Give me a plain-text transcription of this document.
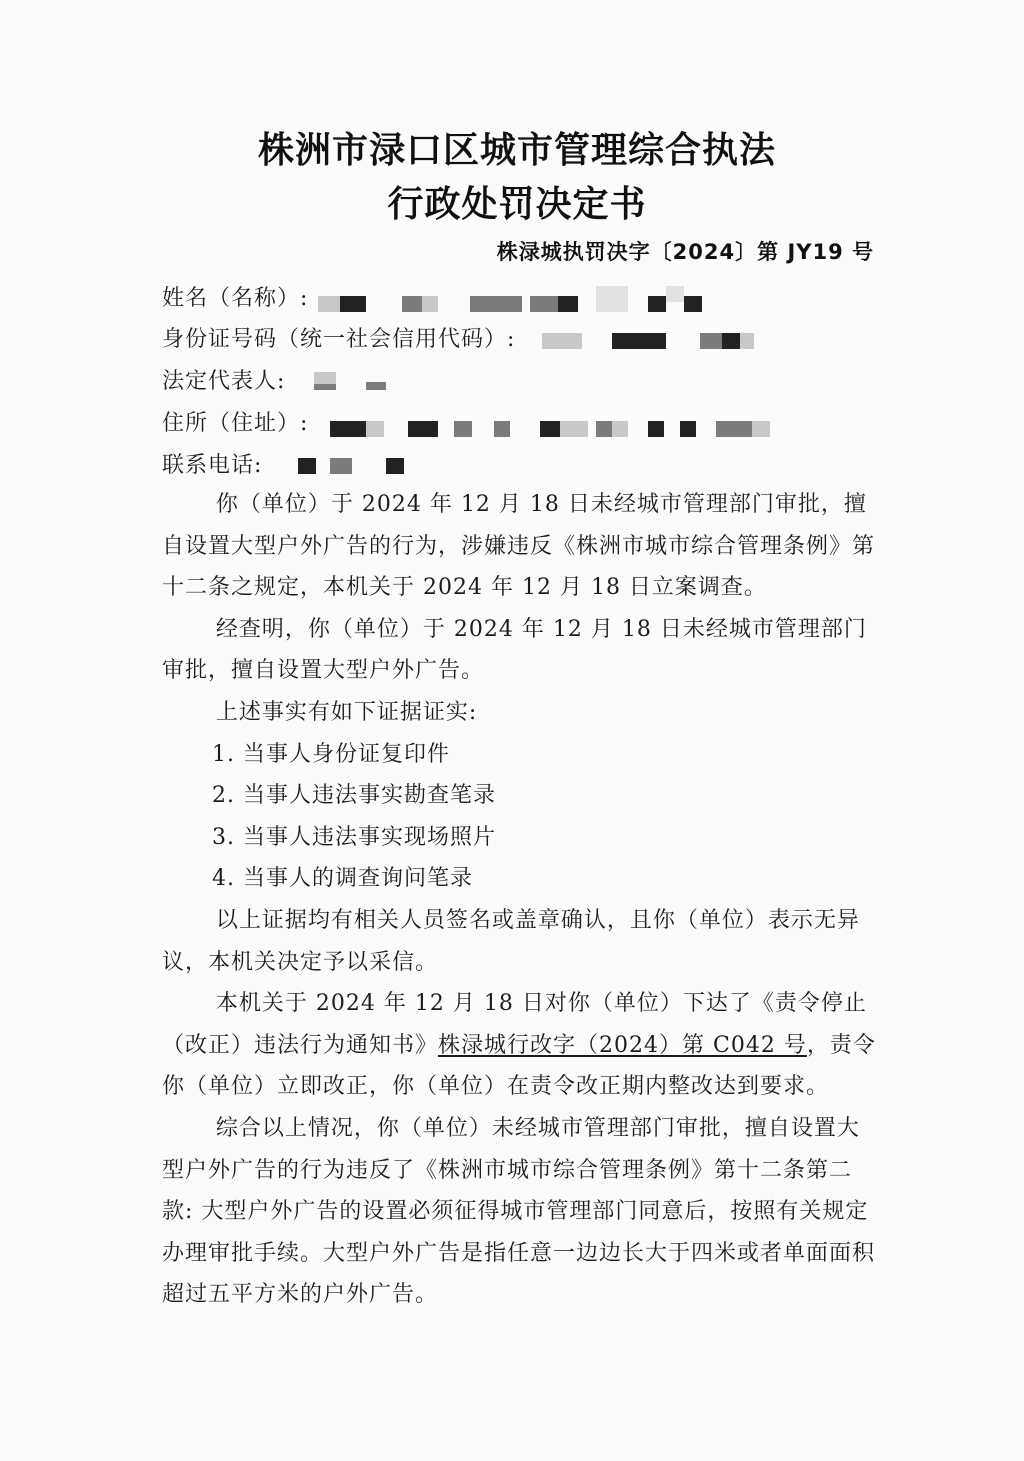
株洲市渌口区城市管理综合执法
行政处罚决定书
株渌城执罚决字〔2024〕第 JY19 号
姓名（名称）:
身份证号码（统一社会信用代码）:
法定代表人:
住所（住址）:
联系电话:

你（单位）于 2024 年 12 月 18 日未经城市管理部门审批，擅自设置大型户外广告的行为，涉嫌违反《株洲市城市综合管理条例》第十二条之规定，本机关于 2024 年 12 月 18 日立案调查。

经查明，你（单位）于 2024 年 12 月 18 日未经城市管理部门审批，擅自设置大型户外广告。

上述事实有如下证据证实:

1. 当事人身份证复印件

2. 当事人违法事实勘查笔录

3. 当事人违法事实现场照片

4. 当事人的调查询问笔录

以上证据均有相关人员签名或盖章确认，且你（单位）表示无异议，本机关决定予以采信。

本机关于 2024 年 12 月 18 日对你（单位）下达了《责令停止（改正）违法行为通知书》株渌城行改字（2024）第 C042 号，责令你（单位）立即改正，你（单位）在责令改正期内整改达到要求。

综合以上情况，你（单位）未经城市管理部门审批，擅自设置大型户外广告的行为违反了《株洲市城市综合管理条例》第十二条第二款: 大型户外广告的设置必须征得城市管理部门同意后，按照有关规定办理审批手续。大型户外广告是指任意一边边长大于四米或者单面面积超过五平方米的户外广告。
